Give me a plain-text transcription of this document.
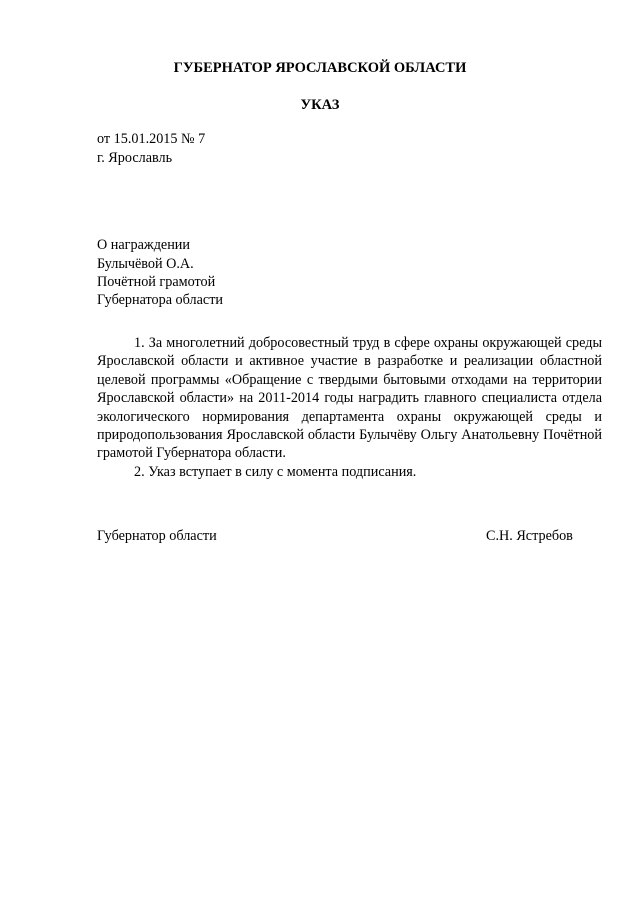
ГУБЕРНАТОР ЯРОСЛАВСКОЙ ОБЛАСТИ
УКАЗ
от 15.01.2015 № 7
г. Ярославль
О награждении
Булычёвой О.А.
Почётной грамотой
Губернатора области

1. За многолетний добросовестный труд в сфере охраны окружающей среды Ярославской области и активное участие в разработке и реализации областной целевой программы «Обращение с твердыми бытовыми отходами на территории Ярославской области» на 2011-2014 годы наградить главного специалиста отдела экологического нормирования департамента охраны окружающей среды и природопользования Ярославской области Булычёву Ольгу Анатольевну Почётной грамотой Губернатора области.

2. Указ вступает в силу с момента подписания.

Губернатор области	С.Н. Ястребов
